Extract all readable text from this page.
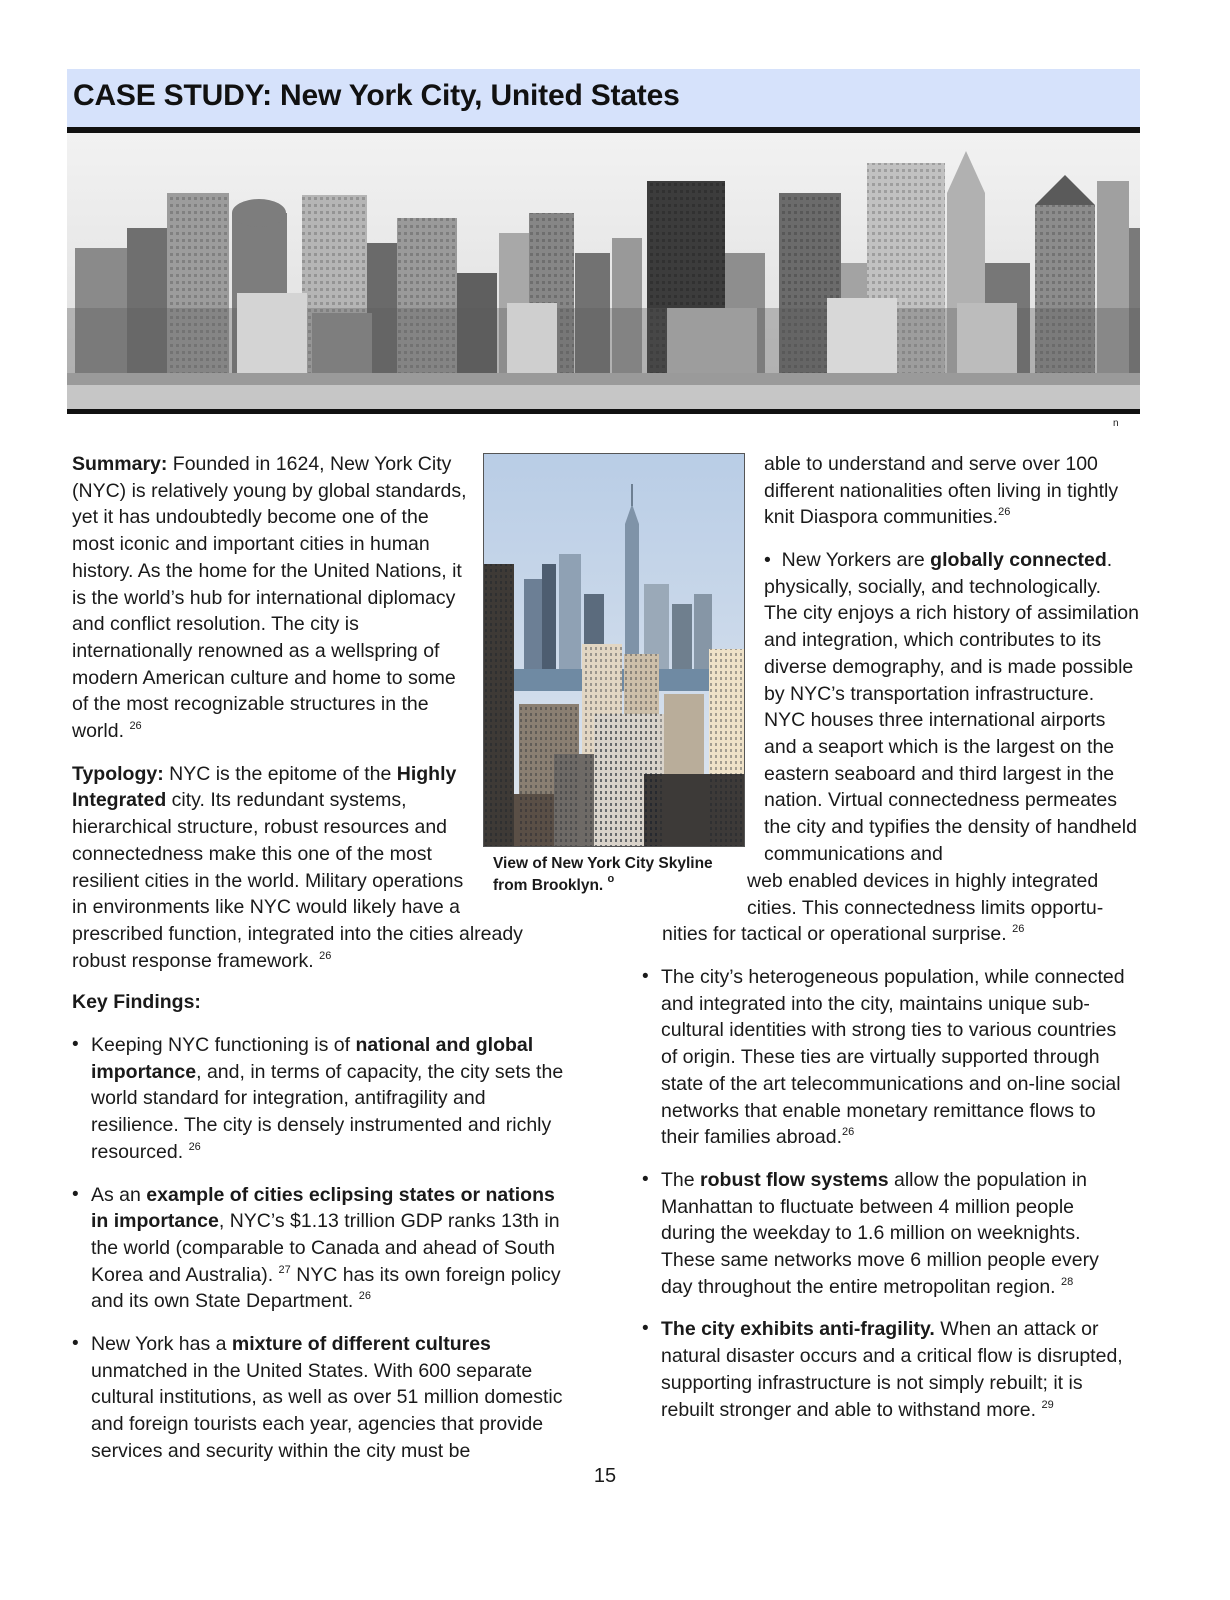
CASE STUDY: New York City, United States
n

Summary: Founded in 1624, New York City (NYC) is relatively young by global standards, yet it has undoubtedly become one of the most iconic and important cities in human history. As the home for the United Nations, it is the world’s hub for international diplomacy and conflict resolution. The city is internationally renowned as a wellspring of modern American culture and home to some of the most recognizable structures in the world. $^{26}$

Typology: NYC is the epitome of the Highly Integrated city. Its redundant systems, hierarchical structure, robust resources and connectedness make this one of the most resilient cities in the world. Military operations in environments like NYC would likely have a

prescribed function, integrated into the cities already robust response framework. $^{26}$
Key Findings:
• Keeping NYC functioning is of national and global importance, and, in terms of capacity, the city sets the world standard for integration, antifragility and resilience. The city is densely instrumented and richly resourced. $^{26}$
• As an example of cities eclipsing states or nations in importance, NYC’s $1.13 trillion GDP ranks 13th in the world (comparable to Canada and ahead of South Korea and Australia). $^{27}$ NYC has its own foreign policy and its own State Department. $^{26}$
• New York has a mixture of different cultures unmatched in the United States. With 600 separate cultural institutions, as well as over 51 million domestic and foreign tourists each year, agencies that provide services and security within the city must be
View of New York City Skyline
from Brooklyn. $^o$
able to understand and serve over 100 different nationalities often living in tightly knit Diaspora communities.$^{26}$
•  New Yorkers are globally connected. physically, socially, and technologically. The city enjoys a rich history of assimilation and integration, which contributes to its diverse demography, and is made possible by NYC’s transportation infrastructure. NYC houses three international airports and a seaport which is the largest on the eastern seaboard and third largest in the nation. Virtual connectedness permeates the city and typifies the density of handheld communications and
web enabled devices in highly integrated cities. This connectedness limits opportu-
nities for tactical or operational surprise. $^{26}$
• The city’s heterogeneous population, while connected and integrated into the city, maintains unique sub-cultural identities with strong ties to various countries of origin. These ties are virtually supported through state of the art telecommunications and on-line social networks that enable monetary remittance flows to their families abroad.$^{26}$
• The robust flow systems allow the population in Manhattan to fluctuate between 4 million people during the weekday to 1.6 million on weeknights. These same networks move 6 million people every day throughout the entire metropolitan region. $^{28}$
• The city exhibits anti-fragility. When an attack or natural disaster occurs and a critical flow is disrupted, supporting infrastructure is not simply rebuilt; it is rebuilt stronger and able to withstand more. $^{29}$
15
